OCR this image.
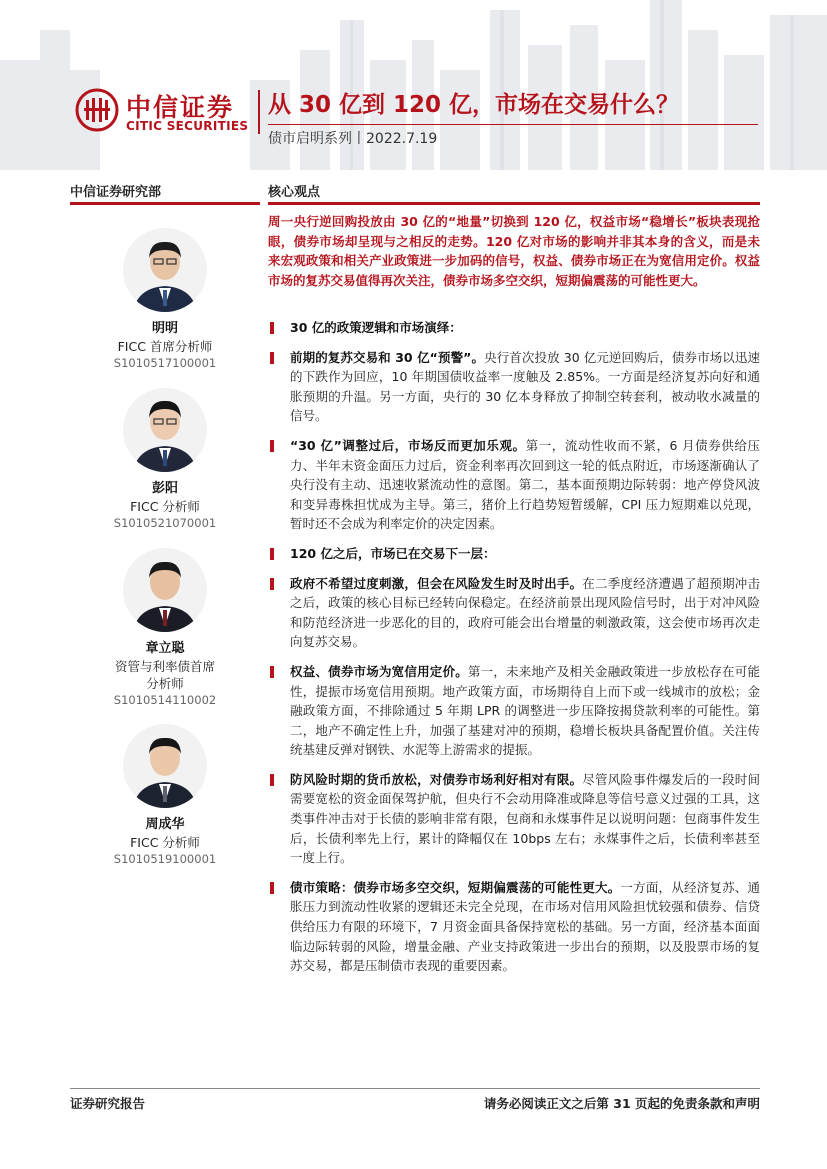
中信证券
CITIC SECURITIES
从 30 亿到 120 亿，市场在交易什么？
债市启明系列丨2022.7.19
中信证券研究部	核心观点
明明
FICC 首席分析师
S1010517100001
彭阳
FICC 分析师
S1010521070001
章立聪
资管与利率债首席
分析师
S1010514110002
周成华
FICC 分析师
S1010519100001
周一央行逆回购投放由 30 亿的“地量”切换到 120 亿，权益市场“稳增长”板块表现抢眼，债券市场却呈现与之相反的走势。120 亿对市场的影响并非其本身的含义，而是未来宏观政策和相关产业政策进一步加码的信号，权益、债券市场正在为宽信用定价。权益市场的复苏交易值得再次关注，债券市场多空交织，短期偏震荡的可能性更大。
30 亿的政策逻辑和市场演绎：
前期的复苏交易和 30 亿“预警”。央行首次投放 30 亿元逆回购后，债券市场以迅速的下跌作为回应，10 年期国债收益率一度触及 2.85%。一方面是经济复苏向好和通胀预期的升温。另一方面，央行的 30 亿本身释放了抑制空转套利，被动收水减量的信号。
“30 亿”调整过后，市场反而更加乐观。第一，流动性收而不紧，6 月债券供给压力、半年末资金面压力过后，资金利率再次回到这一轮的低点附近，市场逐渐确认了央行没有主动、迅速收紧流动性的意图。第二，基本面预期边际转弱：地产停贷风波和变异毒株担忧成为主导。第三，猪价上行趋势短暂缓解，CPI 压力短期难以兑现，暂时还不会成为利率定价的决定因素。
120 亿之后，市场已在交易下一层：
政府不希望过度刺激，但会在风险发生时及时出手。在二季度经济遭遇了超预期冲击之后，政策的核心目标已经转向保稳定。在经济前景出现风险信号时，出于对冲风险和防范经济进一步恶化的目的，政府可能会出台增量的刺激政策，这会使市场再次走向复苏交易。
权益、债券市场为宽信用定价。第一，未来地产及相关金融政策进一步放松存在可能性，提振市场宽信用预期。地产政策方面，市场期待自上而下或一线城市的放松；金融政策方面，不排除通过 5 年期 LPR 的调整进一步压降按揭贷款利率的可能性。第二，地产不确定性上升，加强了基建对冲的预期，稳增长板块具备配置价值。关注传统基建反弹对钢铁、水泥等上游需求的提振。
防风险时期的货币放松，对债券市场利好相对有限。尽管风险事件爆发后的一段时间需要宽松的资金面保驾护航，但央行不会动用降准或降息等信号意义过强的工具，这类事件冲击对于长债的影响非常有限，包商和永煤事件足以说明问题：包商事件发生后，长债利率先上行，累计的降幅仅在 10bps 左右；永煤事件之后，长债利率甚至一度上行。
债市策略：债券市场多空交织，短期偏震荡的可能性更大。一方面，从经济复苏、通胀压力到流动性收紧的逻辑还未完全兑现，在市场对信用风险担忧较强和债券、信贷供给压力有限的环境下，7 月资金面具备保持宽松的基础。另一方面，经济基本面面临边际转弱的风险，增量金融、产业支持政策进一步出台的预期，以及股票市场的复苏交易，都是压制债市表现的重要因素。
证券研究报告	请务必阅读正文之后第 31 页起的免责条款和声明
